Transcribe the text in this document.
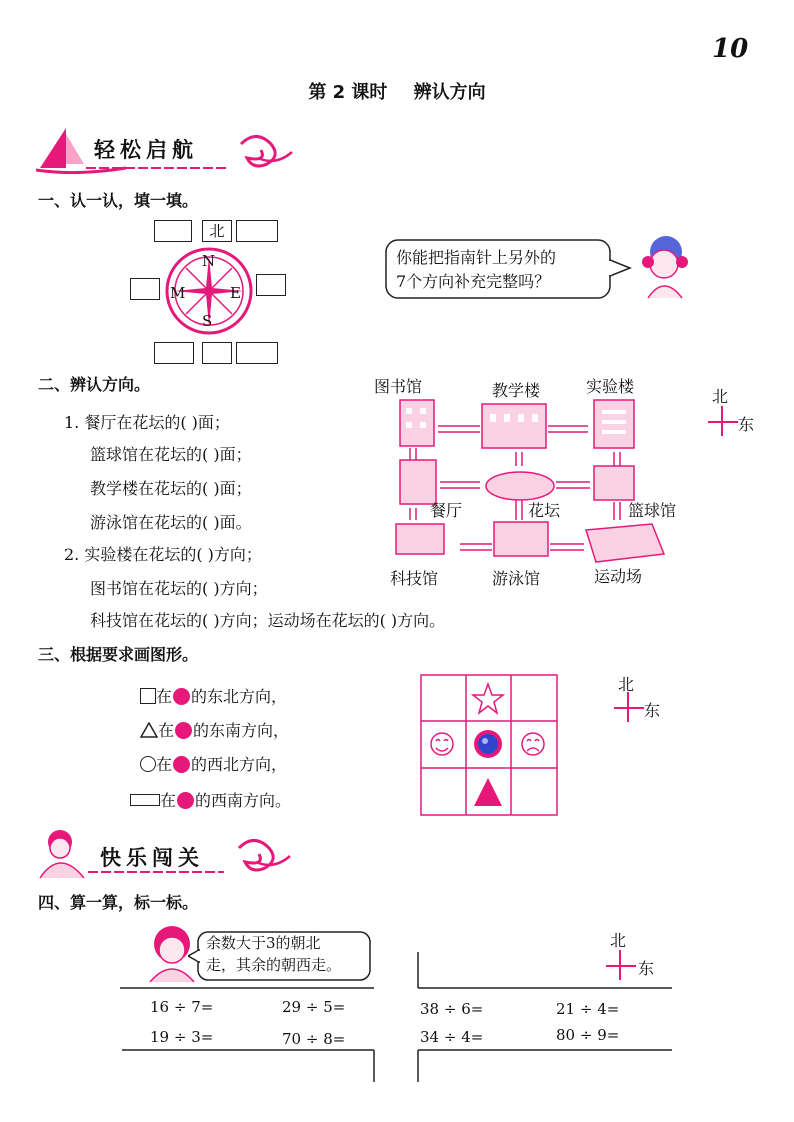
10
第 2 课时 辨认方向
轻松启航
一、认一认，填一填。
北
N
S
E
M
你能把指南针上另外的
7个方向补充完整吗？
二、辨认方向。
1. 餐厅在花坛的( )面；
篮球馆在花坛的( )面；
教学楼在花坛的( )面；
游泳馆在花坛的( )面。
2. 实验楼在花坛的( )方向；
图书馆在花坛的( )方向；
科技馆在花坛的( )方向；运动场在花坛的( )方向。
图书馆	教学楼	实验楼
餐厅	花坛	篮球馆
科技馆	游泳馆	运动场
北
东
三、根据要求画图形。
在 的东北方向，
在 的东南方向，
在 的西北方向，
在 的西南方向。
北
东
快乐闯关
四、算一算，标一标。
余数大于3的朝北
走，其余的朝西走。
北
东
16 ÷ 7=	29 ÷ 5=
19 ÷ 3=	70 ÷ 8=
38 ÷ 6=	21 ÷ 4=
34 ÷ 4=	80 ÷ 9=
